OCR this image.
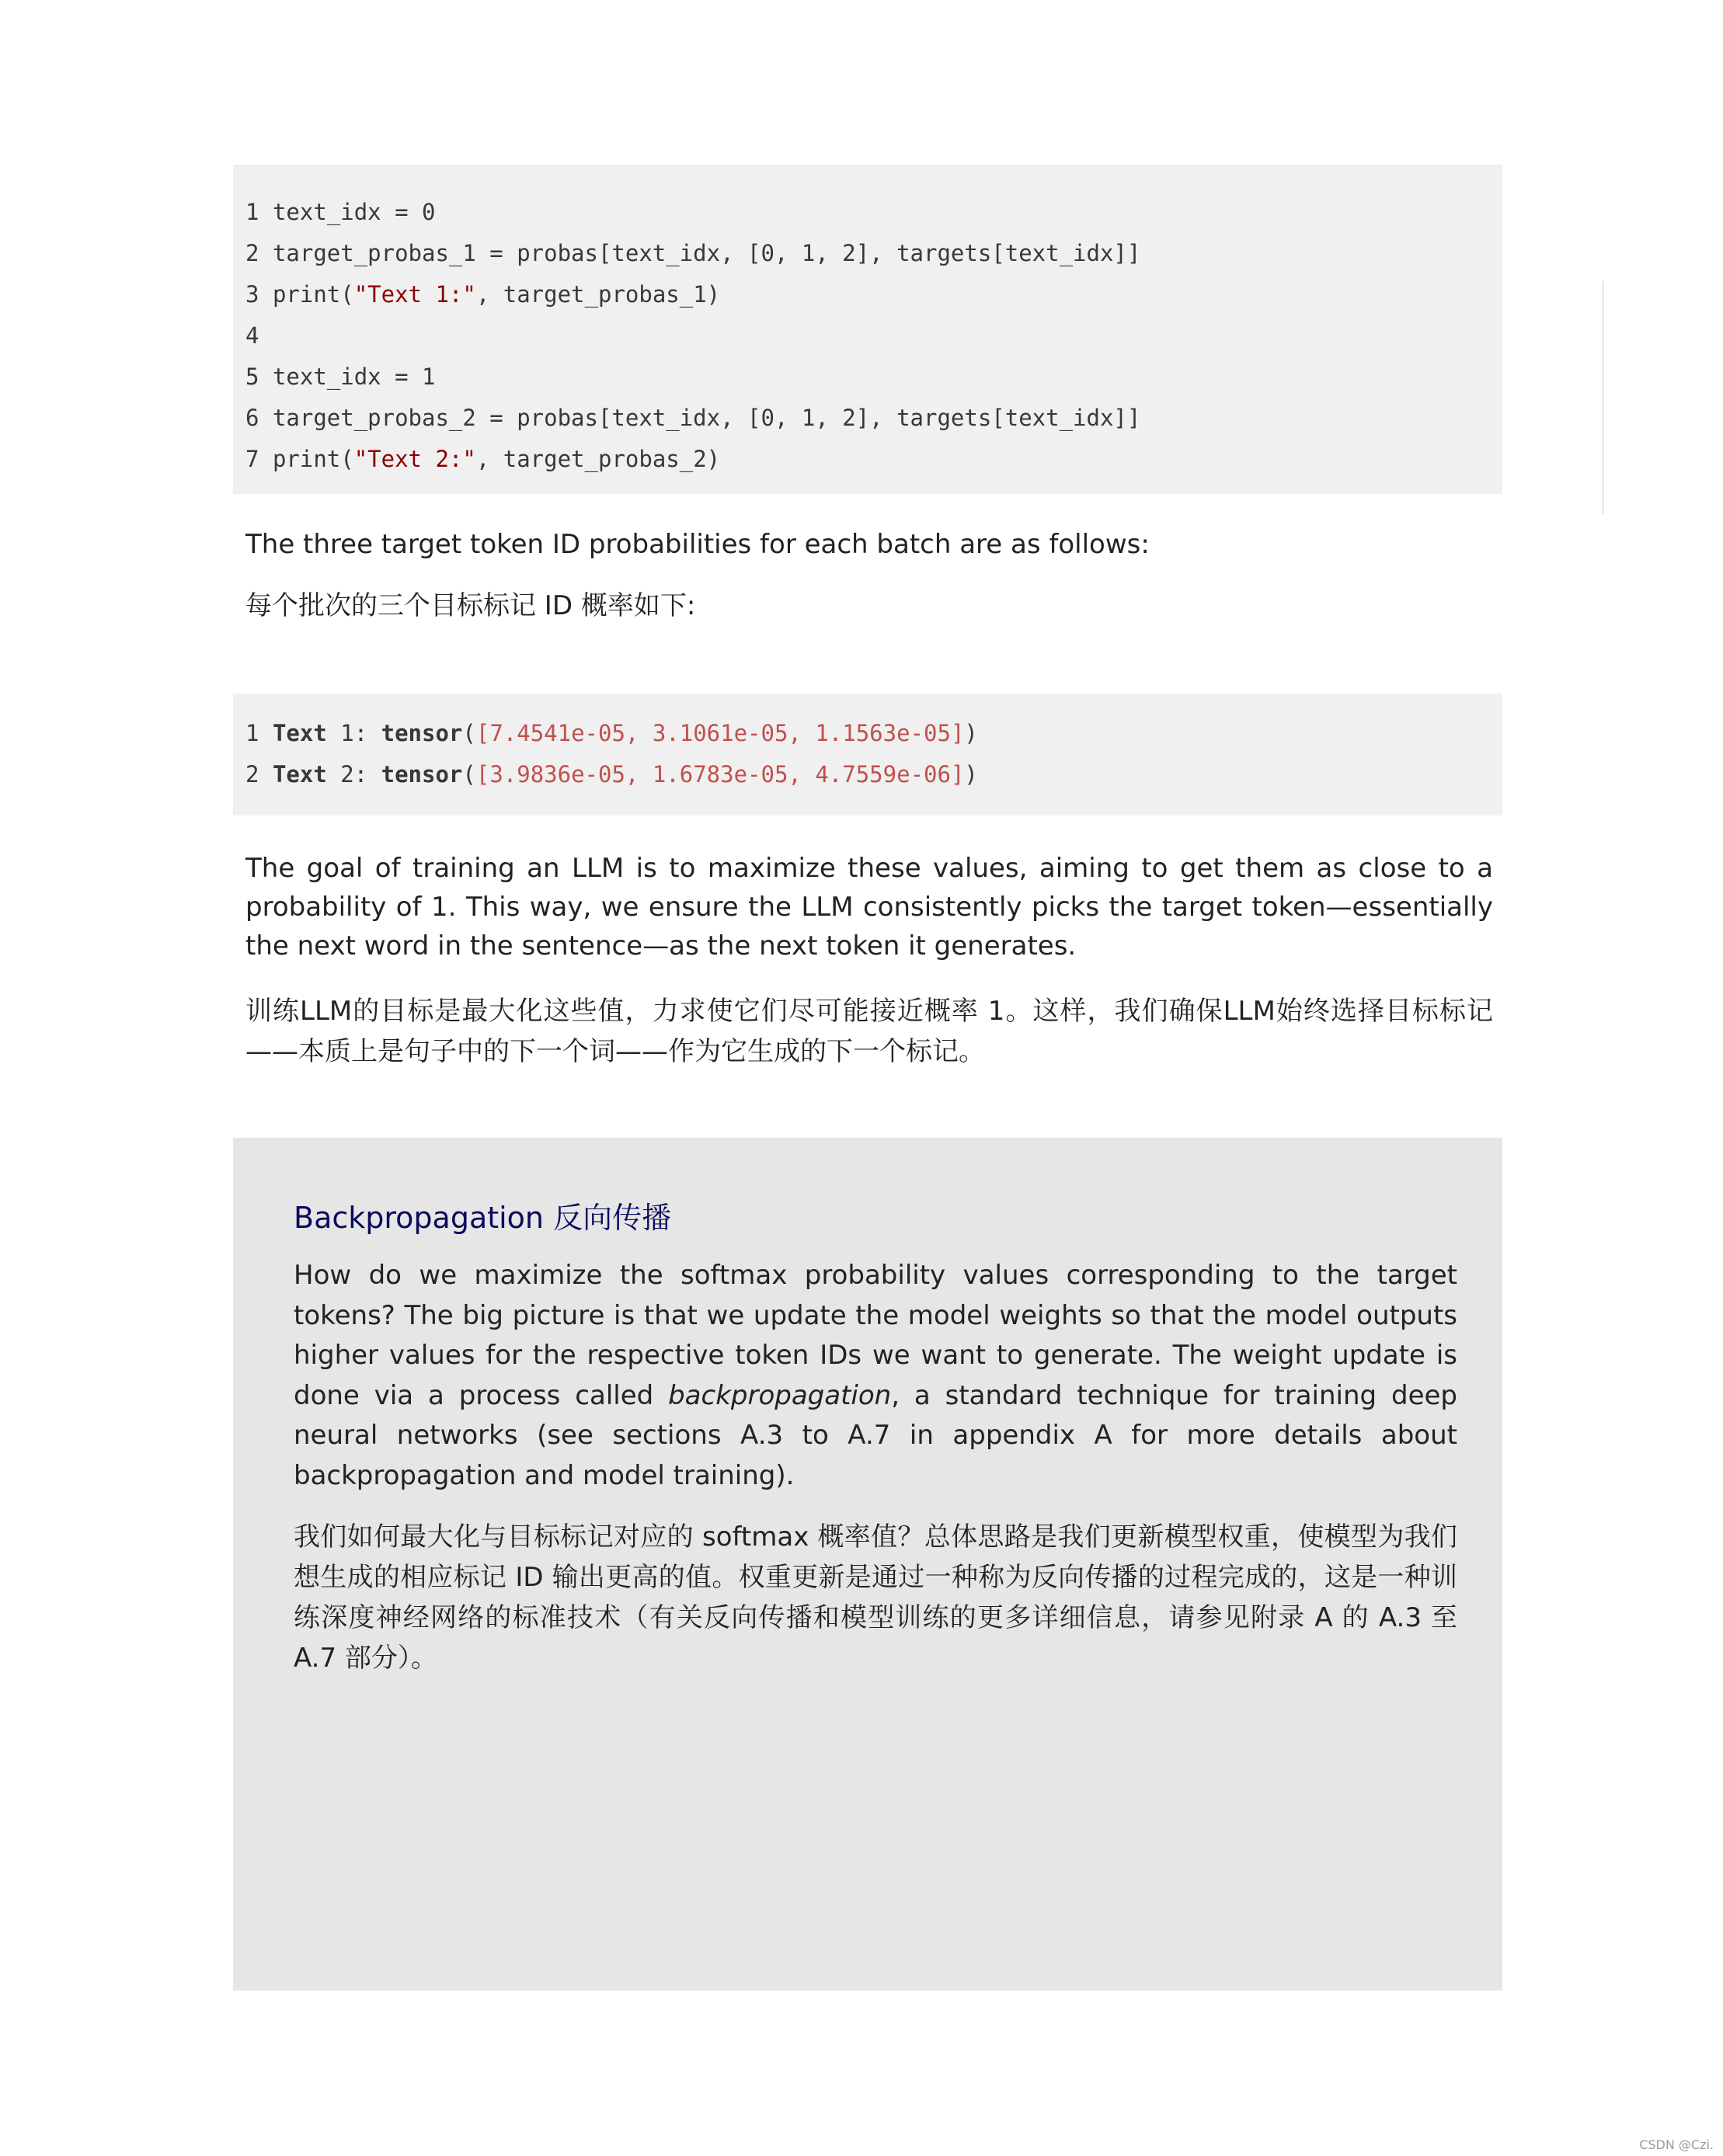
1 text_idx = 0
2 target_probas_1 = probas[text_idx, [0, 1, 2], targets[text_idx]]
3 print("Text 1:", target_probas_1)
4
5 text_idx = 1
6 target_probas_2 = probas[text_idx, [0, 1, 2], targets[text_idx]]
7 print("Text 2:", target_probas_2)

The three target token ID probabilities for each batch are as follows:

每个批次的三个目标标记 ID 概率如下:

1 Text 1: tensor([7.4541e-05, 3.1061e-05, 1.1563e-05])
2 Text 2: tensor([3.9836e-05, 1.6783e-05, 4.7559e-06])

The goal of training an LLM is to maximize these values, aiming to get them as close to a probability of 1. This way, we ensure the LLM consistently picks the target token—essentially the next word in the sentence—as the next token it generates.

训练LLM的目标是最大化这些值，力求使它们尽可能接近概率 1。这样，我们确保LLM始终选择目标标记——本质上是句子中的下一个词——作为它生成的下一个标记。

Backpropagation 反向传播

How do we maximize the softmax probability values corresponding to the target tokens? The big picture is that we update the model weights so that the model outputs higher values for the respective token IDs we want to generate. The weight update is done via a process called backpropagation, a standard technique for training deep neural networks (see sections A.3 to A.7 in appendix A for more details about backpropagation and model training).

我们如何最大化与目标标记对应的 softmax 概率值？总体思路是我们更新模型权重，使模型为我们想生成的相应标记 ID 输出更高的值。权重更新是通过一种称为反向传播的过程完成的，这是一种训练深度神经网络的标准技术（有关反向传播和模型训练的更多详细信息，请参见附录 A 的 A.3 至 A.7 部分）。

CSDN @Czi.
